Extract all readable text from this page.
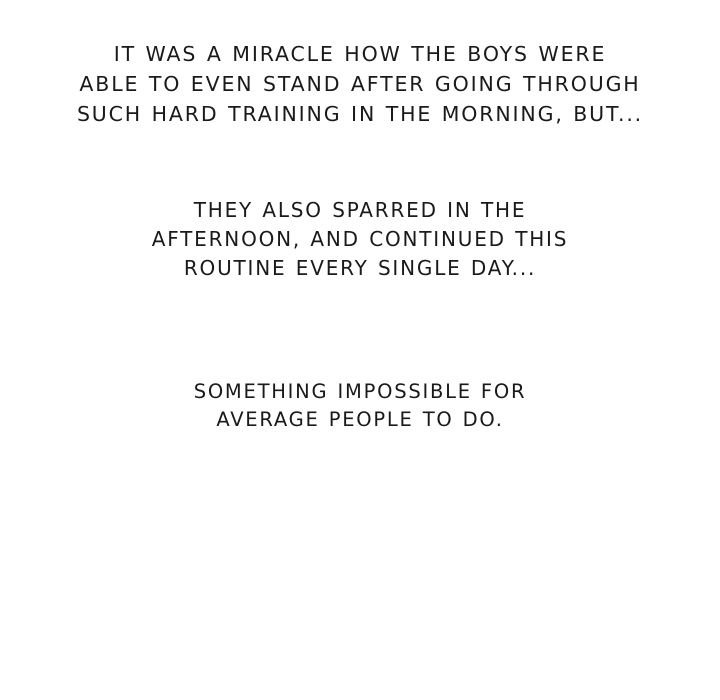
IT WAS A MIRACLE HOW THE BOYS WERE
ABLE TO EVEN STAND AFTER GOING THROUGH
SUCH HARD TRAINING IN THE MORNING, BUT...
THEY ALSO SPARRED IN THE
AFTERNOON, AND CONTINUED THIS
ROUTINE EVERY SINGLE DAY...
SOMETHING IMPOSSIBLE FOR
AVERAGE PEOPLE TO DO.
